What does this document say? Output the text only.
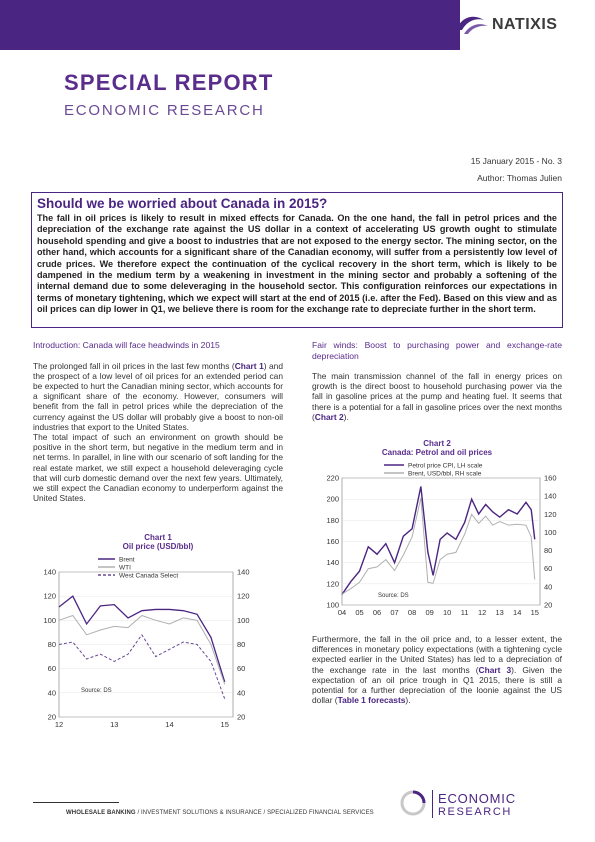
NATIXIS
SPECIAL REPORT
ECONOMIC RESEARCH
15 January 2015 - No. 3
Author: Thomas Julien
Should we be worried about Canada in 2015?
The fall in oil prices is likely to result in mixed effects for Canada. On the one hand, the fall in petrol prices and the depreciation of the exchange rate against the US dollar in a context of accelerating US growth ought to stimulate household spending and give a boost to industries that are not exposed to the energy sector. The mining sector, on the other hand, which accounts for a significant share of the Canadian economy, will suffer from a persistently low level of crude prices. We therefore expect the continuation of the cyclical recovery in the short term, which is likely to be dampened in the medium term by a weakening in investment in the mining sector and probably a softening of the internal demand due to some deleveraging in the household sector. This configuration reinforces our expectations in terms of monetary tightening, which we expect will start at the end of 2015 (i.e. after the Fed). Based on this view and as oil prices can dip lower in Q1, we believe there is room for the exchange rate to depreciate further in the short term.
Introduction: Canada will face headwinds in 2015

The prolonged fall in oil prices in the last few months (Chart 1) and the prospect of a low level of oil prices for an extended period can be expected to hurt the Canadian mining sector, which accounts for a significant share of the economy. However, consumers will benefit from the fall in petrol prices while the depreciation of the currency against the US dollar will probably give a boost to non-oil industries that export to the United States.

The total impact of such an environment on growth should be positive in the short term, but negative in the medium term and in net terms. In parallel, in line with our scenario of soft landing for the real estate market, we still expect a household deleveraging cycle that will curb domestic demand over the next few years. Ultimately, we still expect the Canadian economy to underperform against the United States.

Chart 1
Oil price (USD/bbl)
Brent
WTI
West Canada Select
20	20
40	40
60	60
80	80
100	100
120	120
140	140
12	13	14	15
Source: DS
Fair winds: Boost to purchasing power and exchange-rate depreciation

The main transmission channel of the fall in energy prices on growth is the direct boost to household purchasing power via the fall in gasoline prices at the pump and heating fuel. It seems that there is a potential for a fall in gasoline prices over the next months (Chart 2).

Chart 2
Canada: Petrol and oil prices
Petrol price CPI, LH scale
Brent, USD/bbl, RH scale
100
120
140
160
180
200
220
20
40
60
80
100
120
140
160
04 05 06 07 08 09 10 11 12 13 14 15
Source: DS
Furthermore, the fall in the oil price and, to a lesser extent, the differences in monetary policy expectations (with a tightening cycle expected earlier in the United States) has led to a depreciation of the exchange rate in the last months (Chart 3). Given the expectation of an oil price trough in Q1 2015, there is still a potential for a further depreciation of the loonie against the US dollar (Table 1 forecasts).
WHOLESALE BANKING / INVESTMENT SOLUTIONS & INSURANCE / SPECIALIZED FINANCIAL SERVICES
ECONOMIC
RESEARCH
